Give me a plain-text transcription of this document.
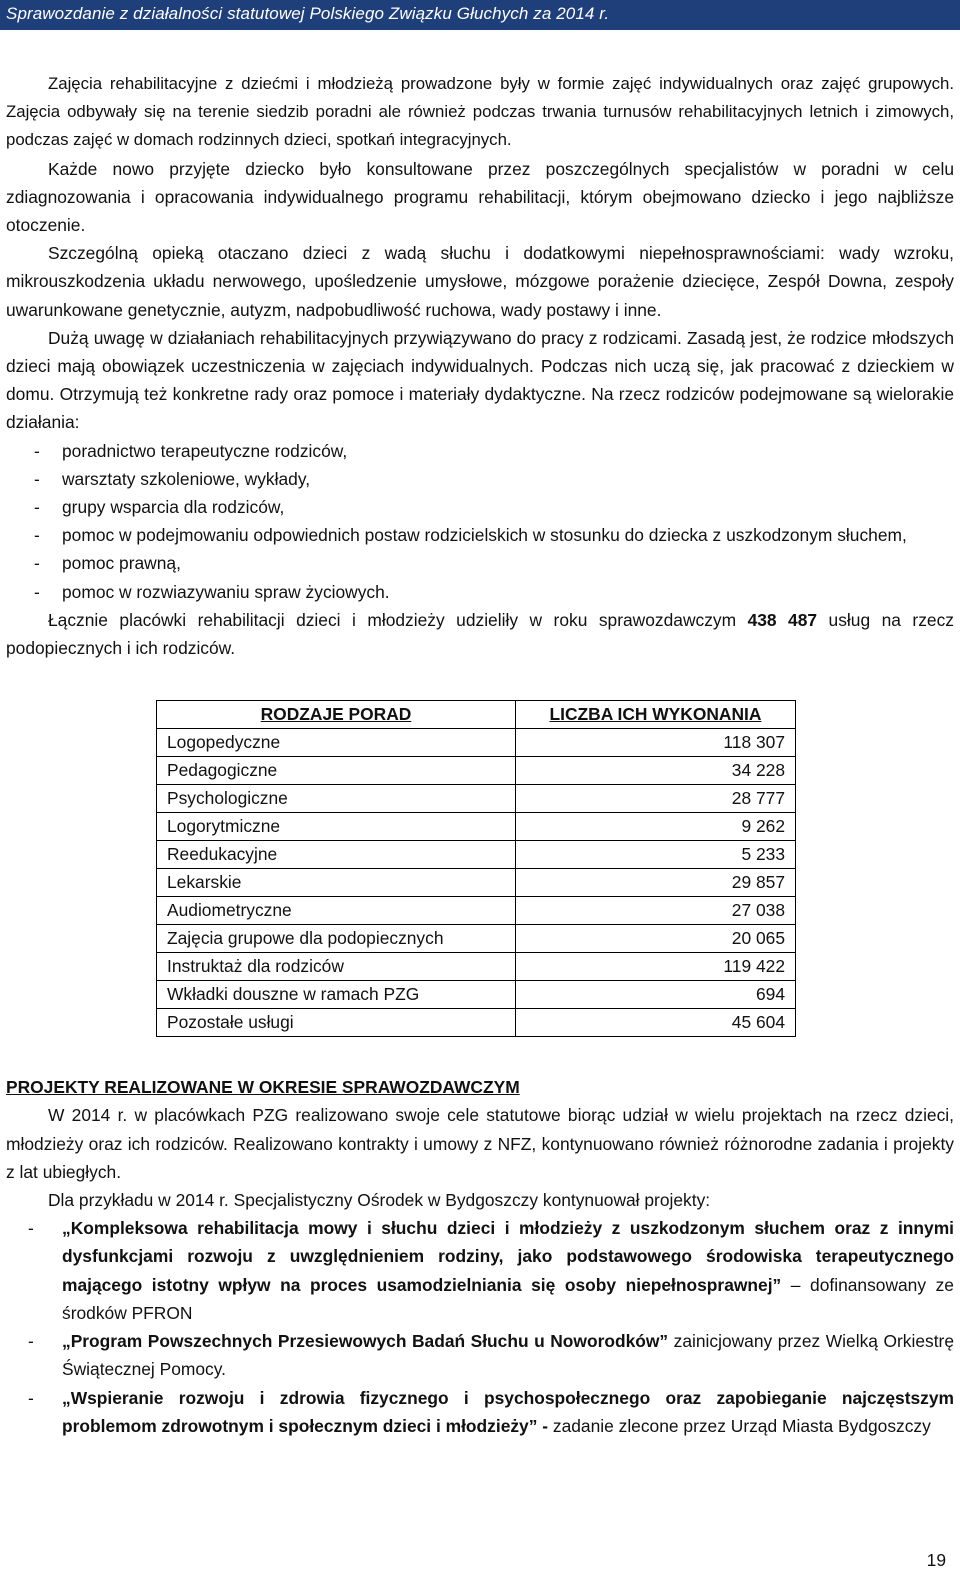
Sprawozdanie z działalności statutowej Polskiego Związku Głuchych za 2014 r.

Zajęcia rehabilitacyjne z dziećmi i młodzieżą prowadzone były w formie zajęć indywidualnych oraz zajęć grupowych. Zajęcia odbywały się na terenie siedzib poradni ale również podczas trwania turnusów rehabilitacyjnych letnich i zimowych, podczas zajęć w domach rodzinnych dzieci, spotkań integracyjnych.

Każde nowo przyjęte dziecko było konsultowane przez poszczególnych specjalistów w poradni w celu zdiagnozowania i opracowania indywidualnego programu rehabilitacji, którym obejmowano dziecko i jego najbliższe otoczenie.

Szczególną opieką otaczano dzieci z wadą słuchu i dodatkowymi niepełnosprawnościami: wady wzroku, mikrouszkodzenia układu nerwowego, upośledzenie umysłowe, mózgowe porażenie dziecięce, Zespół Downa, zespoły uwarunkowane genetycznie, autyzm, nadpobudliwość ruchowa, wady postawy i inne.

Dużą uwagę w działaniach rehabilitacyjnych przywiązywano do pracy z rodzicami. Zasadą jest, że rodzice młodszych dzieci mają obowiązek uczestniczenia w zajęciach indywidualnych. Podczas nich uczą się, jak pracować z dzieckiem w domu. Otrzymują też konkretne rady oraz pomoce i materiały dydaktyczne. Na rzecz rodziców podejmowane są wielorakie działania:

- poradnictwo terapeutyczne rodziców,
- warsztaty szkoleniowe, wykłady,
- grupy wsparcia dla rodziców,
- pomoc w podejmowaniu odpowiednich postaw rodzicielskich w stosunku do dziecka z uszkodzonym słuchem,
- pomoc prawną,
- pomoc w rozwiazywaniu spraw życiowych.

Łącznie placówki rehabilitacji dzieci i młodzieży udzieliły w roku sprawozdawczym 438 487 usług na rzecz podopiecznych i ich rodziców.

RODZAJE PORAD	LICZBA ICH WYKONANIA
Logopedyczne	118 307
Pedagogiczne	34 228
Psychologiczne	28 777
Logorytmiczne	9 262
Reedukacyjne	5 233
Lekarskie	29 857
Audiometryczne	27 038
Zajęcia grupowe dla podopiecznych	20 065
Instruktaż dla rodziców	119 422
Wkładki douszne w ramach PZG	694
Pozostałe usługi	45 604

PROJEKTY REALIZOWANE W OKRESIE SPRAWOZDAWCZYM

W 2014 r. w placówkach PZG realizowano swoje cele statutowe biorąc udział w wielu projektach na rzecz dzieci, młodzieży oraz ich rodziców. Realizowano kontrakty i umowy z NFZ, kontynuowano również różnorodne zadania i projekty z lat ubiegłych.

Dla przykładu w 2014 r. Specjalistyczny Ośrodek w Bydgoszczy kontynuował projekty:

- „Kompleksowa rehabilitacja mowy i słuchu dzieci i młodzieży z uszkodzonym słuchem oraz z innymi dysfunkcjami rozwoju z uwzględnieniem rodziny, jako podstawowego środowiska terapeutycznego mającego istotny wpływ na proces usamodzielniania się osoby niepełnosprawnej” – dofinansowany ze środków PFRON
- „Program Powszechnych Przesiewowych Badań Słuchu u Noworodków” zainicjowany przez Wielką Orkiestrę Świątecznej Pomocy.
- „Wspieranie rozwoju i zdrowia fizycznego i psychospołecznego oraz zapobieganie najczęstszym problemom zdrowotnym i społecznym dzieci i młodzieży” - zadanie zlecone przez Urząd Miasta Bydgoszczy
19
